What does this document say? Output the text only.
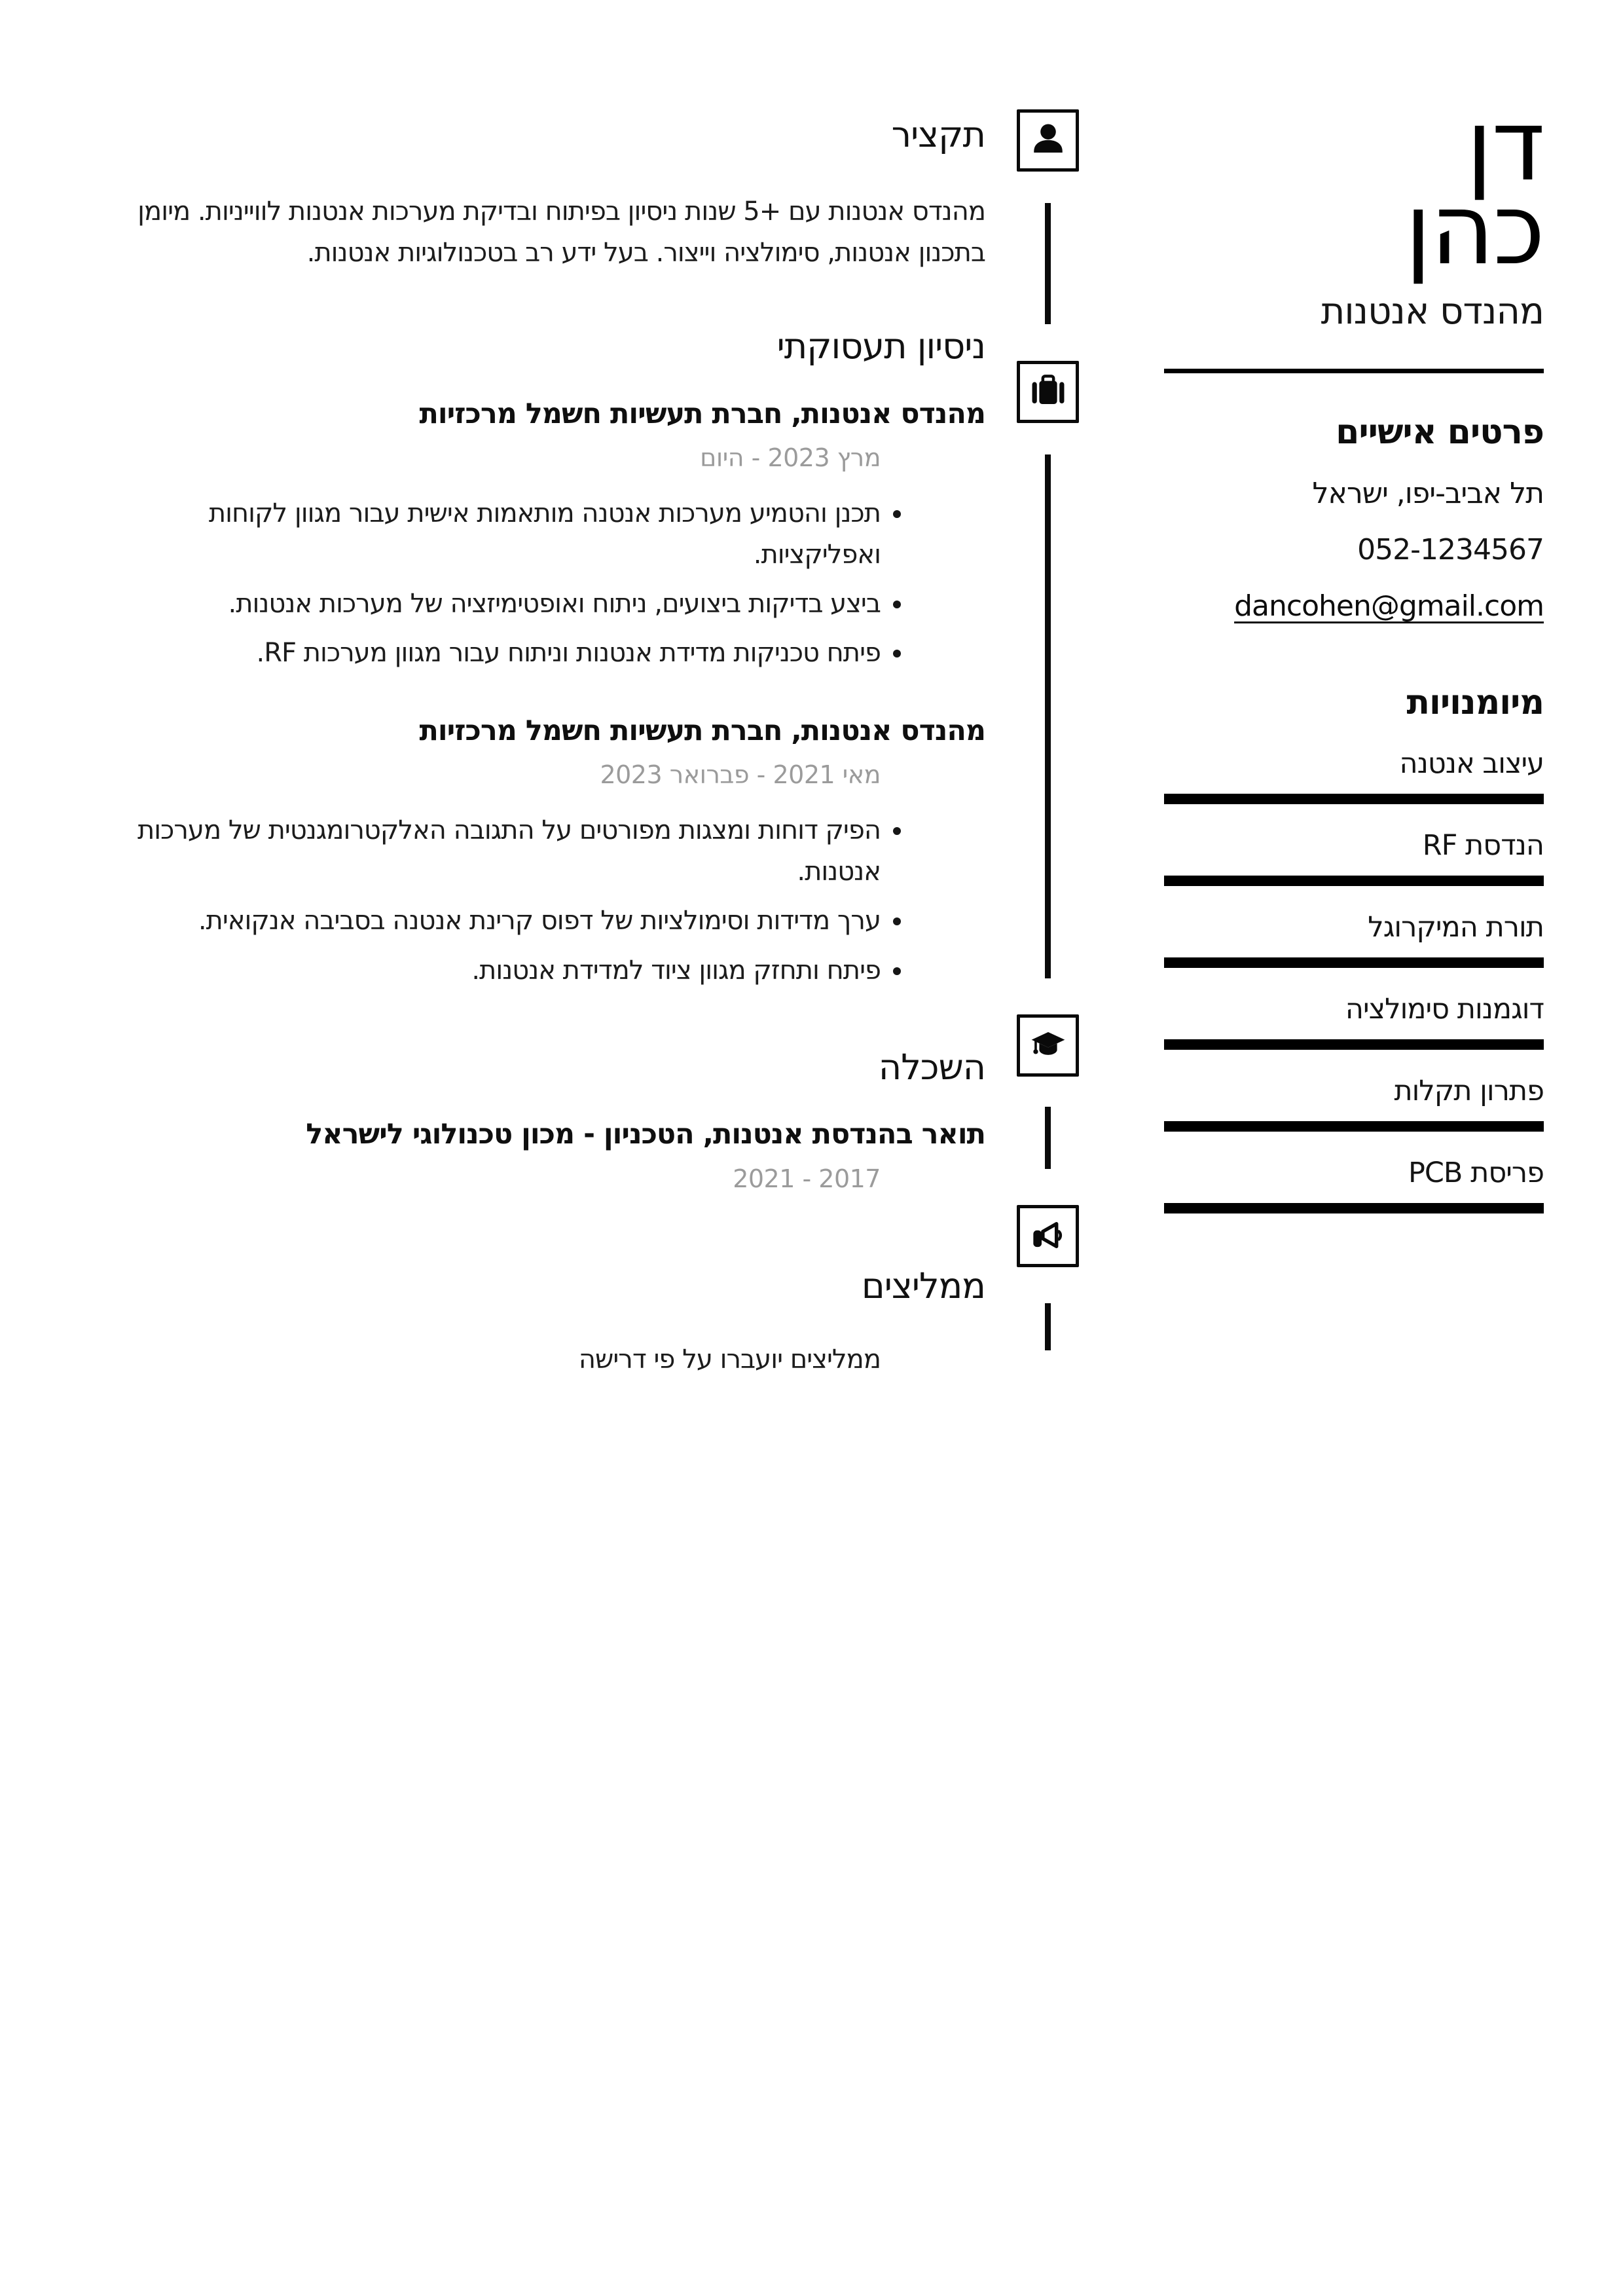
דן
כהן
מהנדס אנטנות
פרטים אישיים

תל אביב-יפו, ישראל

052-1234567

dancohen@gmail.com

מיומנויות
עיצוב אנטנה
הנדסת RF
תורת המיקרוגל
דוגמנות סימולציה
פתרון תקלות
פריסת PCB
תקציר

מהנדס אנטנות עם +5 שנות ניסיון בפיתוח ובדיקת מערכות אנטנות לווייניות. מיומן בתכנון אנטנות, סימולציה וייצור. בעל ידע רב בטכנולוגיות אנטנות.

ניסיון תעסוקתי
מהנדס אנטנות, חברת תעשיות חשמל מרכזיות
מרץ 2023 - היום
• תכנן והטמיע מערכות אנטנה מותאמות אישית עבור מגוון לקוחות ואפליקציות.
• ביצע בדיקות ביצועים, ניתוח ואופטימיזציה של מערכות אנטנות.
• פיתח טכניקות מדידת אנטנות וניתוח עבור מגוון מערכות RF.
מהנדס אנטנות, חברת תעשיות חשמל מרכזיות
מאי 2021 - פברואר 2023
• הפיק דוחות ומצגות מפורטים על התגובה האלקטרומגנטית של מערכות אנטנות.
• ערך מדידות וסימולציות של דפוס קרינת אנטנה בסביבה אנקואית.
• פיתח ותחזק מגוון ציוד למדידת אנטנות.
השכלה
תואר בהנדסת אנטנות, הטכניון - מכון טכנולוגי לישראל
2017 - 2021
ממליצים

ממליצים יועברו על פי דרישה
